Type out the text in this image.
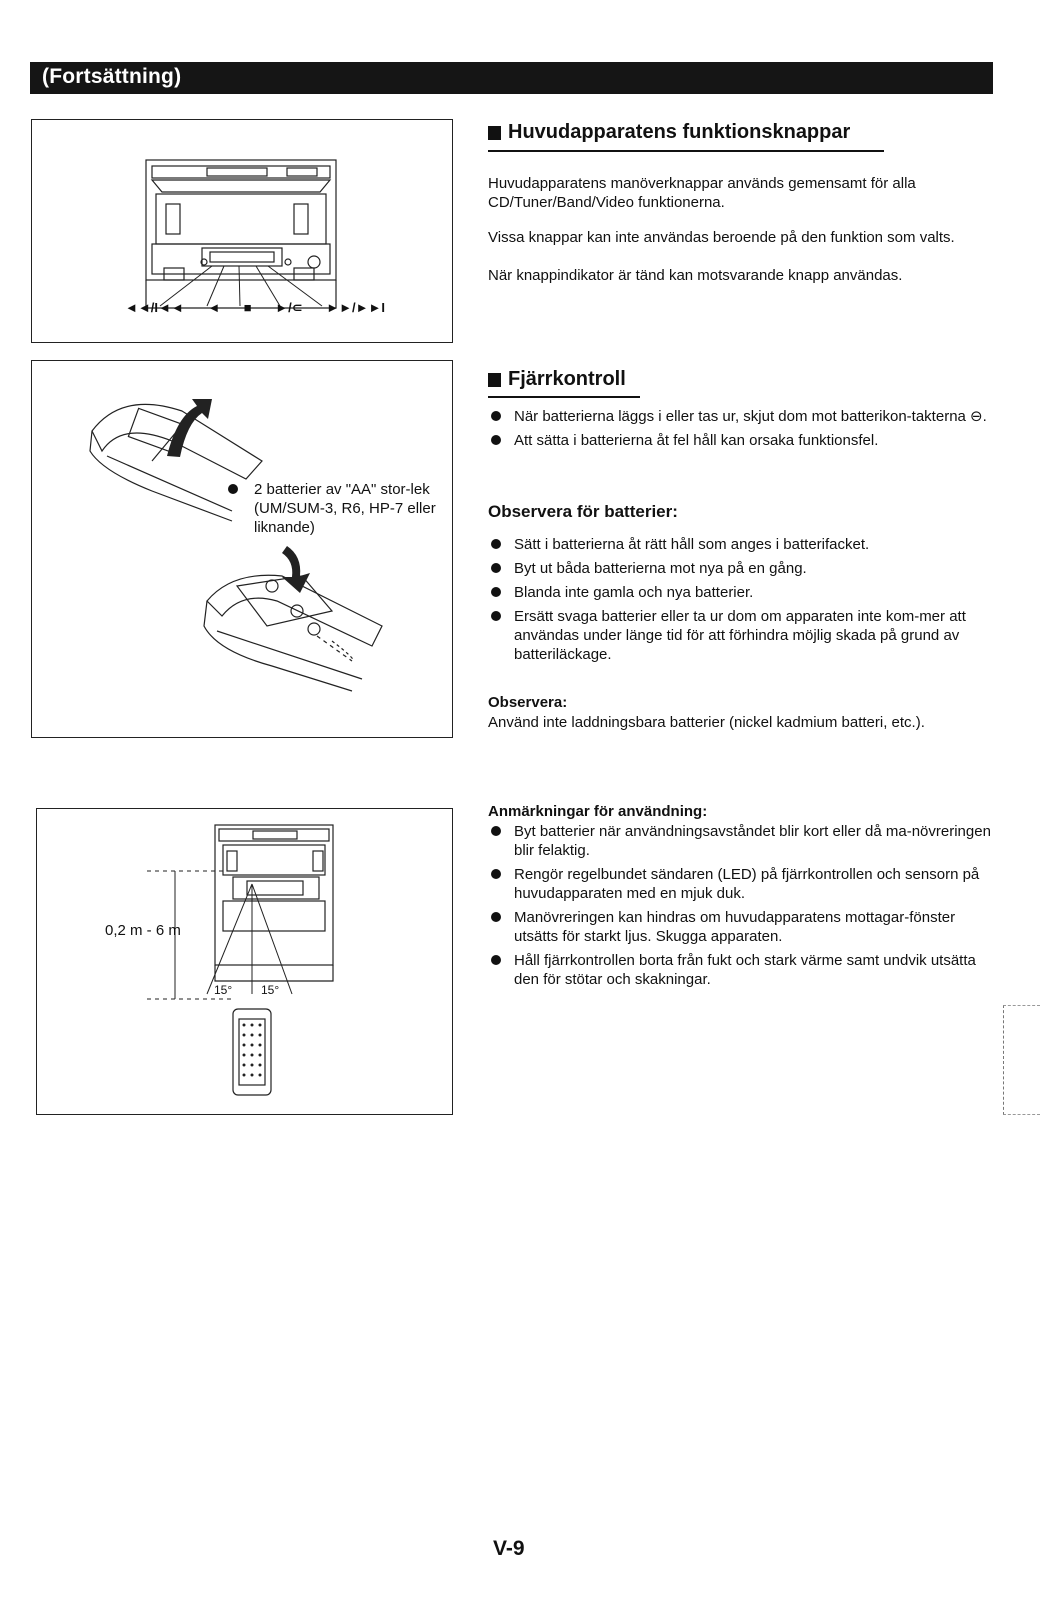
(Fortsättning)
◄◄/I◄◄ ◄ ■ ►/⊂ ►►/►►I
Huvudapparatens funktionsknappar
Huvudapparatens manöverknappar används gemensamt för alla CD/Tuner/Band/Video funktionerna.
Vissa knappar kan inte användas beroende på den funktion som valts.
När knappindikator är tänd kan motsvarande knapp användas.
2 batterier av "AA" stor-lek (UM/SUM-3, R6, HP-7 eller liknande)
Fjärrkontroll
När batterierna läggs i eller tas ur, skjut dom mot batterikon-takterna ⊖.
Att sätta i batterierna åt fel håll kan orsaka funktionsfel.
Observera för batterier:
Sätt i batterierna åt rätt håll som anges i batterifacket.
Byt ut båda batterierna mot nya på en gång.
Blanda inte gamla och nya batterier.
Ersätt svaga batterier eller ta ur dom om apparaten inte kom-mer att användas under länge tid för att förhindra möjlig skada på grund av batteriläckage.
Observera:
Använd inte laddningsbara batterier (nickel kadmium batteri, etc.).
0,2 m - 6 m
15° 15°
Anmärkningar för användning:
Byt batterier när användningsavståndet blir kort eller då ma-növreringen blir felaktig.
Rengör regelbundet sändaren (LED) på fjärrkontrollen och sensorn på huvudapparaten med en mjuk duk.
Manövreringen kan hindras om huvudapparatens mottagar-fönster utsätts för starkt ljus. Skugga apparaten.
Håll fjärrkontrollen borta från fukt och stark värme samt undvik utsätta den för stötar och skakningar.
V-9
